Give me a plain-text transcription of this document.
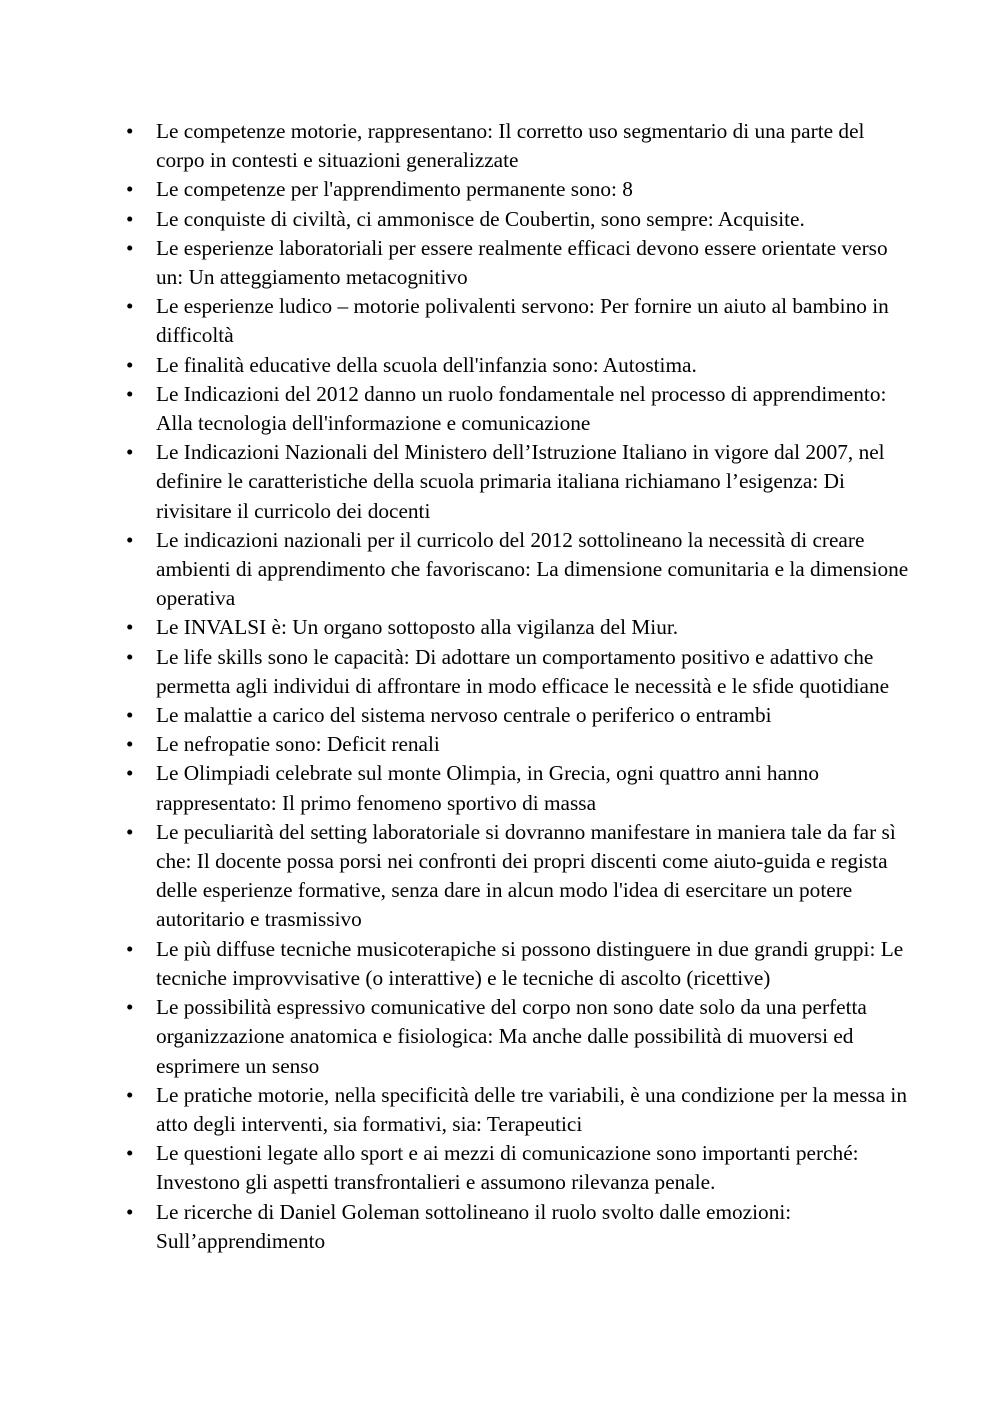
•	Le competenze motorie, rappresentano: Il corretto uso segmentario di una parte del corpo in contesti e situazioni generalizzate
•	Le competenze per l'apprendimento permanente sono: 8
•	Le conquiste di civiltà, ci ammonisce de Coubertin, sono sempre: Acquisite.
•	Le esperienze laboratoriali per essere realmente efficaci devono essere orientate verso un: Un atteggiamento metacognitivo
•	Le esperienze ludico – motorie polivalenti servono: Per fornire un aiuto al bambino in difficoltà
•	Le finalità educative della scuola dell'infanzia sono: Autostima.
•	Le Indicazioni del 2012 danno un ruolo fondamentale nel processo di apprendimento: Alla tecnologia dell'informazione e comunicazione
•	Le Indicazioni Nazionali del Ministero dell’Istruzione Italiano in vigore dal 2007, nel definire le caratteristiche della scuola primaria italiana richiamano l’esigenza: Di rivisitare il curricolo dei docenti
•	Le indicazioni nazionali per il curricolo del 2012 sottolineano la necessità di creare ambienti di apprendimento che favoriscano: La dimensione comunitaria e la dimensione operativa
•	Le INVALSI è: Un organo sottoposto alla vigilanza del Miur.
•	Le life skills sono le capacità: Di adottare un comportamento positivo e adattivo che permetta agli individui di affrontare in modo efficace le necessità e le sfide quotidiane
•	Le malattie a carico del sistema nervoso centrale o periferico o entrambi
•	Le nefropatie sono: Deficit renali
•	Le Olimpiadi celebrate sul monte Olimpia, in Grecia, ogni quattro anni hanno rappresentato: Il primo fenomeno sportivo di massa
•	Le peculiarità del setting laboratoriale si dovranno manifestare in maniera tale da far sì che: Il docente possa porsi nei confronti dei propri discenti come aiuto-guida e regista delle esperienze formative, senza dare in alcun modo l'idea di esercitare un potere autoritario e trasmissivo
•	Le più diffuse tecniche musicoterapiche si possono distinguere in due grandi gruppi: Le tecniche improvvisative (o interattive) e le tecniche di ascolto (ricettive)
•	Le possibilità espressivo comunicative del corpo non sono date solo da una perfetta organizzazione anatomica e fisiologica: Ma anche dalle possibilità di muoversi ed esprimere un senso
•	Le pratiche motorie, nella specificità delle tre variabili, è una condizione per la messa in atto degli interventi, sia formativi, sia: Terapeutici
•	Le questioni legate allo sport e ai mezzi di comunicazione sono importanti perché: Investono gli aspetti transfrontalieri e assumono rilevanza penale.
•	Le ricerche di Daniel Goleman sottolineano il ruolo svolto dalle emozioni: Sull’apprendimento
